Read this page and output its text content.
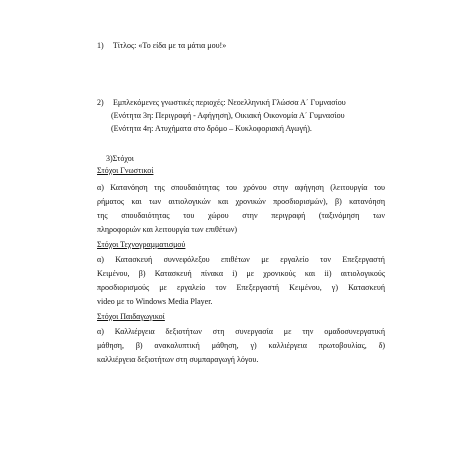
1) Τίτλος: «Το είδα με τα μάτια μου!»
2) Εμπλεκόμενες γνωστικές περιοχές: Νεοελληνική Γλώσσα Α΄ Γυμνασίου
(Ενότητα 3η: Περιγραφή - Αφήγηση), Οικιακή Οικονομία Α΄ Γυμνασίου
(Ενότητα 4η: Ατυχήματα στο δρόμο – Κυκλοφοριακή Αγωγή).
3)Στόχοι
Στόχοι Γνωστικοί
α) Κατανόηση της σπουδαιότητας του χρόνου στην αφήγηση (λειτουργία του
ρήματος και των αιτιολογικών και χρονικών προσδιορισμών), β) κατανόηση
της σπουδαιότητας του χώρου στην περιγραφή (ταξινόμηση των
πληροφοριών και λειτουργία των επιθέτων)
Στόχοι Τεχνογραμματισμού
α) Κατασκευή συννεφόλεξου επιθέτων με εργαλείο τον Επεξεργαστή
Κειμένου, β) Κατασκευή πίνακα i) με χρονικούς και ii) αιτιολογικούς
προσδιορισμούς με εργαλείο τον Επεξεργαστή Κειμένου, γ) Κατασκευή
video με το Windows Media Player.
Στόχοι Παιδαγωγικοί
α) Καλλιέργεια δεξιοτήτων στη συνεργασία με την ομαδοσυνεργατική
μάθηση, β) ανακαλυπτική μάθηση, γ) καλλιέργεια πρωτοβουλίας, δ)
καλλιέργεια δεξιοτήτων στη συμπαραγωγή λόγου.
